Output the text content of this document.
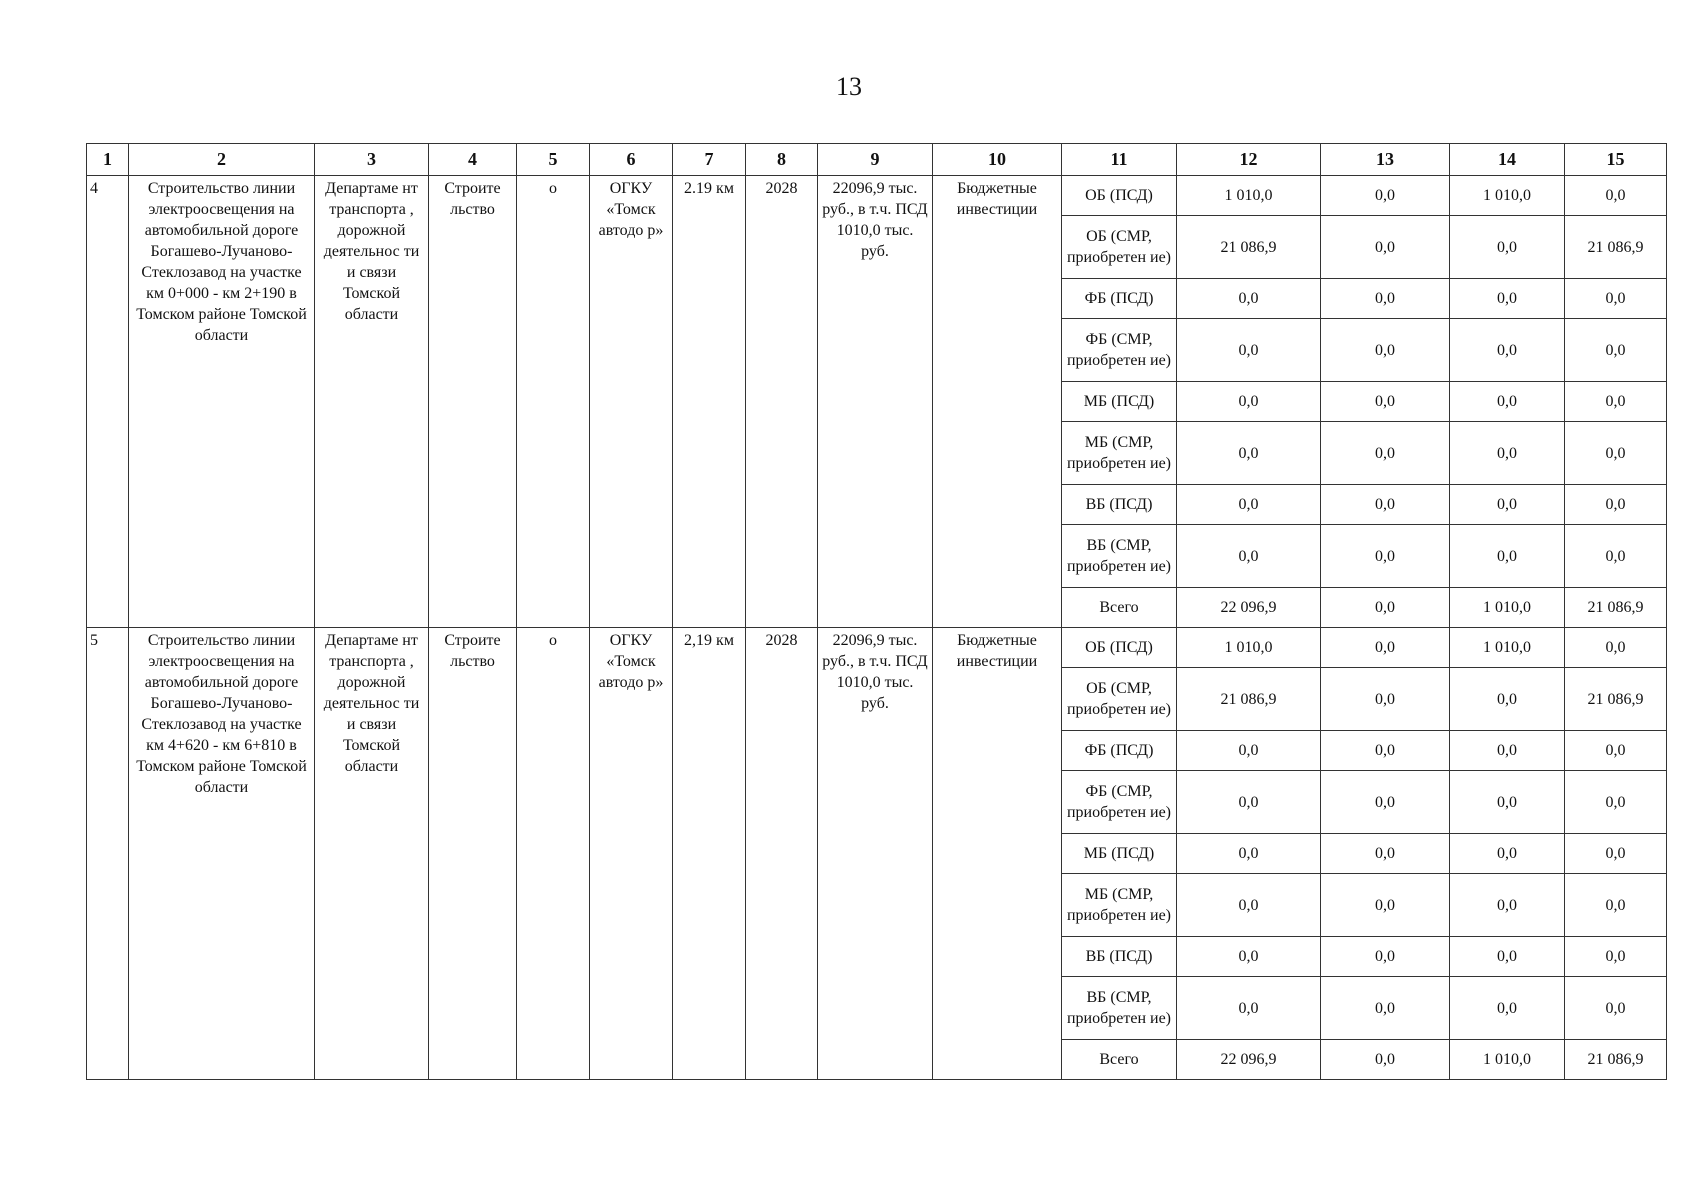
13
1	2	3	4	5	6	7	8	9	10	11	12	13	14	15
4	Строительство линии электроосвещения на автомобильной дороге Богашево-Лучаново-Стеклозавод на участке км 0+000 - км 2+190 в Томском районе Томской области	Департаме нт транспорта , дорожной деятельнос ти и связи Томской области	Строите льство	о	ОГКУ «Томск автодо р»	2.19 км	2028	22096,9 тыс. руб., в т.ч. ПСД 1010,0 тыс. руб.	Бюджетные инвестиции	ОБ (ПСД)	1 010,0	0,0	1 010,0	0,0
										ОБ (СМР, приобретен ие)	21 086,9	0,0	0,0	21 086,9
										ФБ (ПСД)	0,0	0,0	0,0	0,0
										ФБ (СМР, приобретен ие)	0,0	0,0	0,0	0,0
										МБ (ПСД)	0,0	0,0	0,0	0,0
										МБ (СМР, приобретен ие)	0,0	0,0	0,0	0,0
										ВБ (ПСД)	0,0	0,0	0,0	0,0
										ВБ (СМР, приобретен ие)	0,0	0,0	0,0	0,0
										Всего	22 096,9	0,0	1 010,0	21 086,9
5	Строительство линии электроосвещения на автомобильной дороге Богашево-Лучаново-Стеклозавод на участке км 4+620 - км 6+810 в Томском районе Томской области	Департаме нт транспорта , дорожной деятельнос ти и связи Томской области	Строите льство	о	ОГКУ «Томск автодо р»	2,19 км	2028	22096,9 тыс. руб., в т.ч. ПСД 1010,0 тыс. руб.	Бюджетные инвестиции	ОБ (ПСД)	1 010,0	0,0	1 010,0	0,0
										ОБ (СМР, приобретен ие)	21 086,9	0,0	0,0	21 086,9
										ФБ (ПСД)	0,0	0,0	0,0	0,0
										ФБ (СМР, приобретен ие)	0,0	0,0	0,0	0,0
										МБ (ПСД)	0,0	0,0	0,0	0,0
										МБ (СМР, приобретен ие)	0,0	0,0	0,0	0,0
										ВБ (ПСД)	0,0	0,0	0,0	0,0
										ВБ (СМР, приобретен ие)	0,0	0,0	0,0	0,0
										Всего	22 096,9	0,0	1 010,0	21 086,9
